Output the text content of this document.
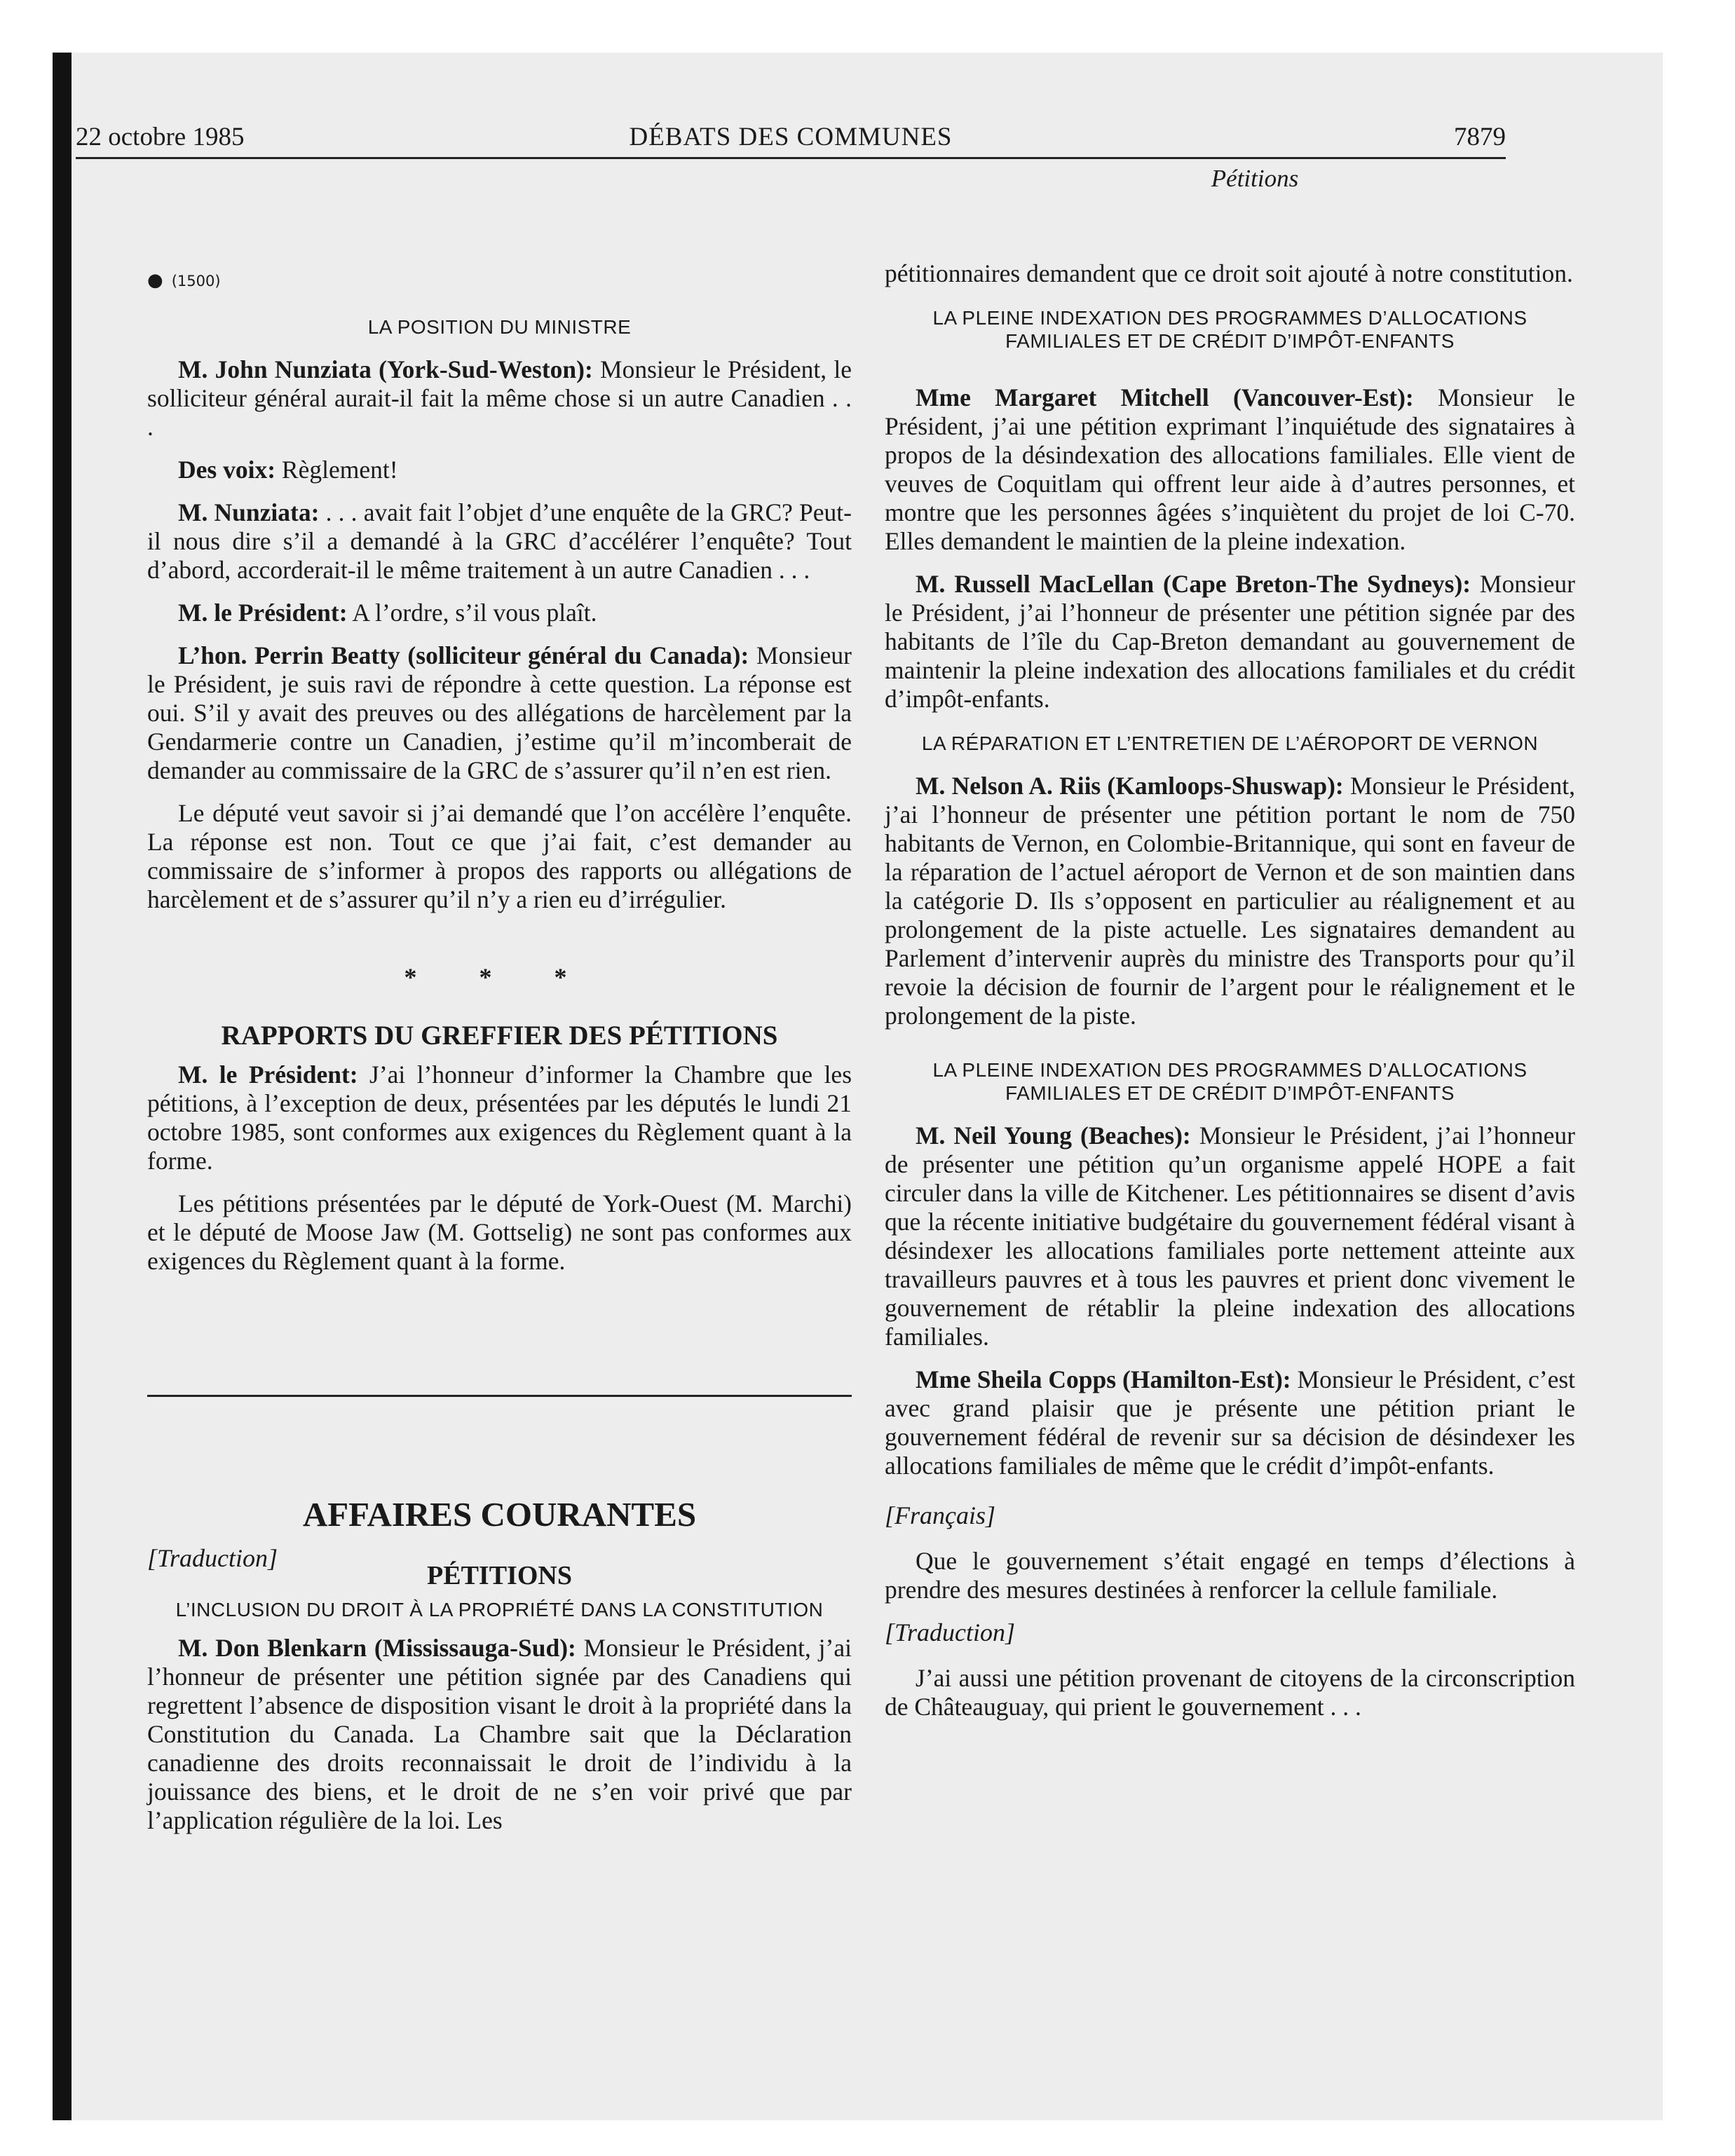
22 octobre 1985	DÉBATS DES COMMUNES	7879
Pétitions
● (1500)
LA POSITION DU MINISTRE

M. John Nunziata (York-Sud-Weston): Monsieur le Président, le solliciteur général aurait-il fait la même chose si un autre Canadien . . .

Des voix: Règlement!

M. Nunziata: . . . avait fait l’objet d’une enquête de la GRC? Peut-il nous dire s’il a demandé à la GRC d’accélérer l’enquête? Tout d’abord, accorderait-il le même traitement à un autre Canadien . . .

M. le Président: A l’ordre, s’il vous plaît.

L’hon. Perrin Beatty (solliciteur général du Canada): Monsieur le Président, je suis ravi de répondre à cette question. La réponse est oui. S’il y avait des preuves ou des allégations de harcèlement par la Gendarmerie contre un Canadien, j’estime qu’il m’incomberait de demander au commissaire de la GRC de s’assurer qu’il n’en est rien.

Le député veut savoir si j’ai demandé que l’on accélère l’enquête. La réponse est non. Tout ce que j’ai fait, c’est demander au commissaire de s’informer à propos des rapports ou allégations de harcèlement et de s’assurer qu’il n’y a rien eu d’irrégulier.

* * *
RAPPORTS DU GREFFIER DES PÉTITIONS

M. le Président: J’ai l’honneur d’informer la Chambre que les pétitions, à l’exception de deux, présentées par les députés le lundi 21 octobre 1985, sont conformes aux exigences du Règlement quant à la forme.

Les pétitions présentées par le député de York-Ouest (M. Marchi) et le député de Moose Jaw (M. Gottselig) ne sont pas conformes aux exigences du Règlement quant à la forme.

AFFAIRES COURANTES

[Traduction]

PÉTITIONS
L’INCLUSION DU DROIT À LA PROPRIÉTÉ DANS LA CONSTITUTION

M. Don Blenkarn (Mississauga-Sud): Monsieur le Président, j’ai l’honneur de présenter une pétition signée par des Canadiens qui regrettent l’absence de disposition visant le droit à la propriété dans la Constitution du Canada. La Chambre sait que la Déclaration canadienne des droits reconnaissait le droit de l’individu à la jouissance des biens, et le droit de ne s’en voir privé que par l’application régulière de la loi. Les

pétitionnaires demandent que ce droit soit ajouté à notre constitution.

LA PLEINE INDEXATION DES PROGRAMMES D’ALLOCATIONS FAMILIALES ET DE CRÉDIT D’IMPÔT-ENFANTS

Mme Margaret Mitchell (Vancouver-Est): Monsieur le Président, j’ai une pétition exprimant l’inquiétude des signataires à propos de la désindexation des allocations familiales. Elle vient de veuves de Coquitlam qui offrent leur aide à d’autres personnes, et montre que les personnes âgées s’inquiètent du projet de loi C-70. Elles demandent le maintien de la pleine indexation.

M. Russell MacLellan (Cape Breton-The Sydneys): Monsieur le Président, j’ai l’honneur de présenter une pétition signée par des habitants de l’île du Cap-Breton demandant au gouvernement de maintenir la pleine indexation des allocations familiales et du crédit d’impôt-enfants.

LA RÉPARATION ET L’ENTRETIEN DE L’AÉROPORT DE VERNON

M. Nelson A. Riis (Kamloops-Shuswap): Monsieur le Président, j’ai l’honneur de présenter une pétition portant le nom de 750 habitants de Vernon, en Colombie-Britannique, qui sont en faveur de la réparation de l’actuel aéroport de Vernon et de son maintien dans la catégorie D. Ils s’opposent en particulier au réalignement et au prolongement de la piste actuelle. Les signataires demandent au Parlement d’intervenir auprès du ministre des Transports pour qu’il revoie la décision de fournir de l’argent pour le réalignement et le prolongement de la piste.

LA PLEINE INDEXATION DES PROGRAMMES D’ALLOCATIONS FAMILIALES ET DE CRÉDIT D’IMPÔT-ENFANTS

M. Neil Young (Beaches): Monsieur le Président, j’ai l’honneur de présenter une pétition qu’un organisme appelé HOPE a fait circuler dans la ville de Kitchener. Les pétitionnaires se disent d’avis que la récente initiative budgétaire du gouvernement fédéral visant à désindexer les allocations familiales porte nettement atteinte aux travailleurs pauvres et à tous les pauvres et prient donc vivement le gouvernement de rétablir la pleine indexation des allocations familiales.

Mme Sheila Copps (Hamilton-Est): Monsieur le Président, c’est avec grand plaisir que je présente une pétition priant le gouvernement fédéral de revenir sur sa décision de désindexer les allocations familiales de même que le crédit d’impôt-enfants.

[Français]

Que le gouvernement s’était engagé en temps d’élections à prendre des mesures destinées à renforcer la cellule familiale.

[Traduction]

J’ai aussi une pétition provenant de citoyens de la circonscription de Châteauguay, qui prient le gouvernement . . .
